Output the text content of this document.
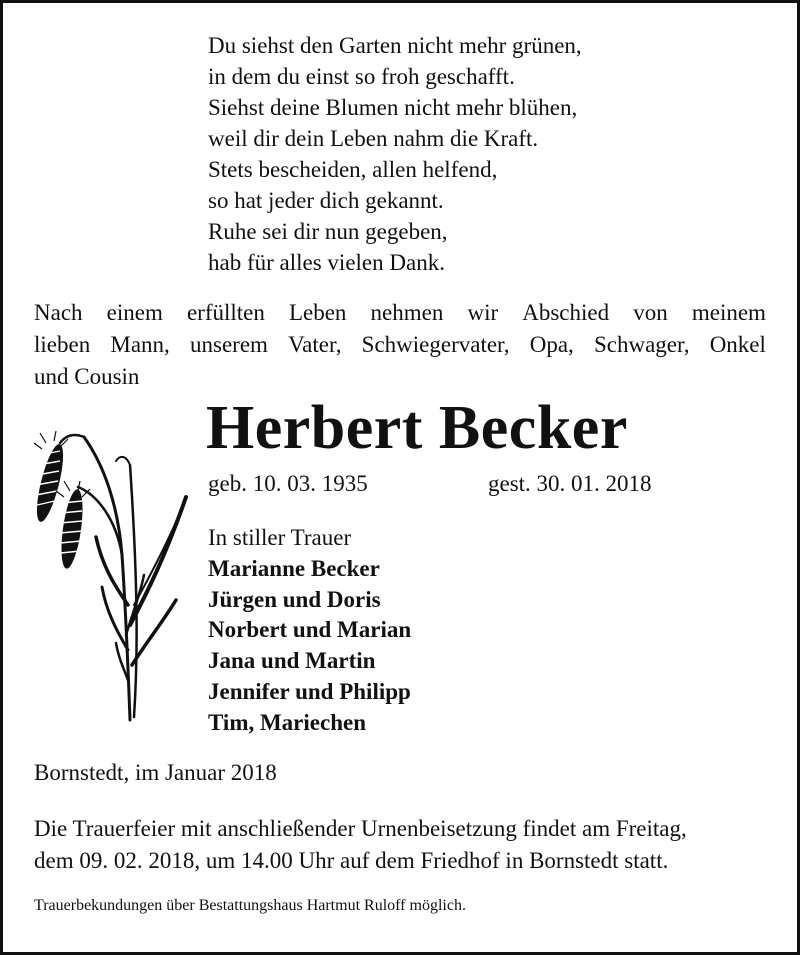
Du siehst den Garten nicht mehr grünen,
in dem du einst so froh geschafft.
Siehst deine Blumen nicht mehr blühen,
weil dir dein Leben nahm die Kraft.
Stets bescheiden, allen helfend,
so hat jeder dich gekannt.
Ruhe sei dir nun gegeben,
hab für alles vielen Dank.
Nach einem erfüllten Leben nehmen wir Abschied von meinem
lieben Mann, unserem Vater, Schwiegervater, Opa, Schwager, Onkel
und Cousin
Herbert Becker
geb. 10. 03. 1935	gest. 30. 01. 2018
In stiller Trauer
Marianne Becker
Jürgen und Doris
Norbert und Marian
Jana und Martin
Jennifer und Philipp
Tim, Mariechen
Bornstedt, im Januar 2018
Die Trauerfeier mit anschließender Urnenbeisetzung findet am Freitag,
dem 09. 02. 2018, um 14.00 Uhr auf dem Friedhof in Bornstedt statt.
Trauerbekundungen über Bestattungshaus Hartmut Ruloff möglich.
